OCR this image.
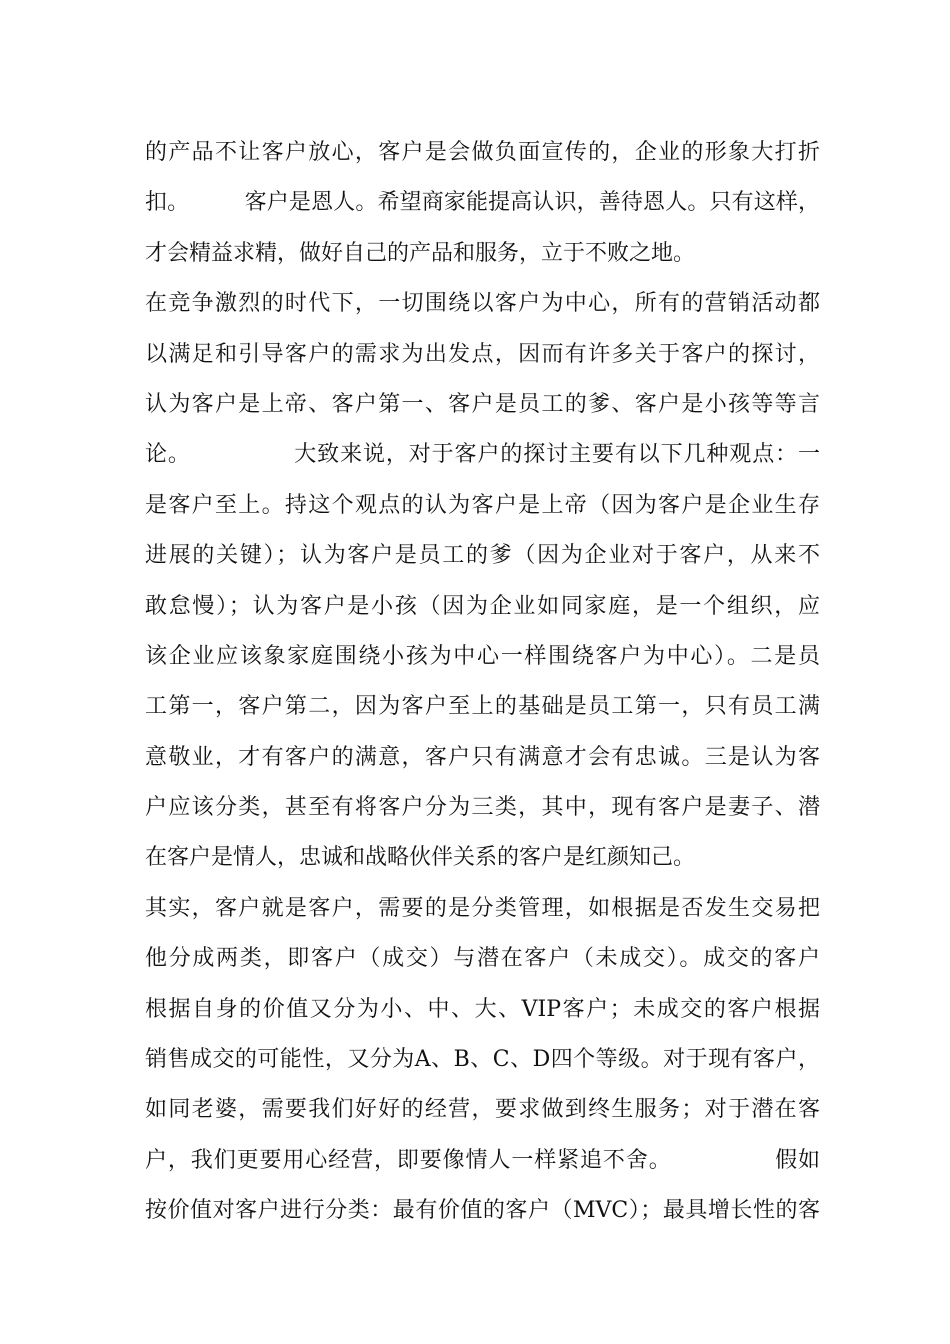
的产品不让客户放心，客户是会做负面宣传的，企业的形象大打折
扣。　　　客户是恩人。希望商家能提高认识，善待恩人。只有这样，
才会精益求精，做好自己的产品和服务，立于不败之地。
在竞争激烈的时代下，一切围绕以客户为中心，所有的营销活动都
以满足和引导客户的需求为出发点，因而有许多关于客户的探讨，
认为客户是上帝、客户第一、客户是员工的爹、客户是小孩等等言
论。　　　　　大致来说，对于客户的探讨主要有以下几种观点：一
是客户至上。持这个观点的认为客户是上帝（因为客户是企业生存
进展的关键）；认为客户是员工的爹（因为企业对于客户，从来不
敢怠慢）；认为客户是小孩（因为企业如同家庭，是一个组织，应
该企业应该象家庭围绕小孩为中心一样围绕客户为中心）。二是员
工第一，客户第二，因为客户至上的基础是员工第一，只有员工满
意敬业，才有客户的满意，客户只有满意才会有忠诚。三是认为客
户应该分类，甚至有将客户分为三类，其中，现有客户是妻子、潜
在客户是情人，忠诚和战略伙伴关系的客户是红颜知己。
其实，客户就是客户，需要的是分类管理，如根据是否发生交易把
他分成两类，即客户（成交）与潜在客户（未成交）。成交的客户
根据自身的价值又分为小、中、大、VIP客户；未成交的客户根据
销售成交的可能性，又分为A、B、C、D四个等级。对于现有客户，
如同老婆，需要我们好好的经营，要求做到终生服务；对于潜在客
户，我们更要用心经营，即要像情人一样紧追不舍。　　　　　假如
按价值对客户进行分类：最有价值的客户（MVC）；最具增长性的客
